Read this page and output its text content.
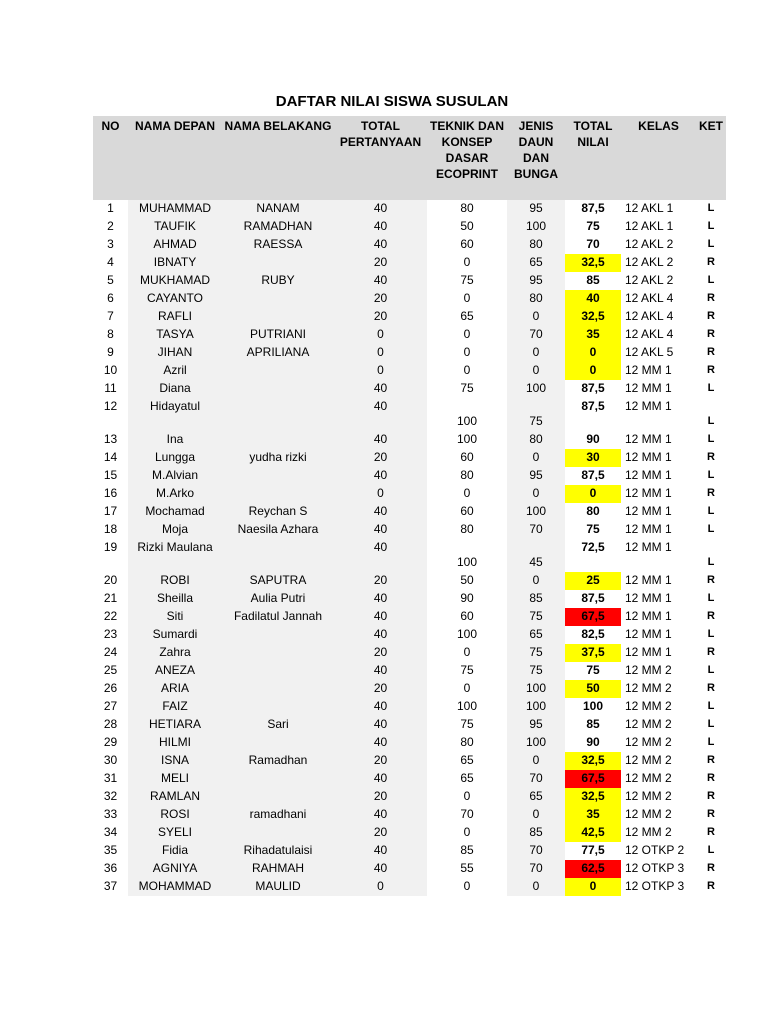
DAFTAR NILAI SISWA SUSULAN
NO	NAMA DEPAN	NAMA BELAKANG	TOTAL PERTANYAAN	TEKNIK DAN KONSEP DASAR ECOPRINT	JENIS DAUN DAN BUNGA	TOTAL NILAI	KELAS	KET
1	MUHAMMAD	NANAM	40	80	95	87,5	12 AKL 1	L
2	TAUFIK	RAMADHAN	40	50	100	75	12 AKL 1	L
3	AHMAD	RAESSA	40	60	80	70	12 AKL 2	L
4	IBNATY		20	0	65	32,5	12 AKL 2	R
5	MUKHAMAD	RUBY	40	75	95	85	12 AKL 2	L
6	CAYANTO		20	0	80	40	12 AKL 4	R
7	RAFLI		20	65	0	32,5	12 AKL 4	R
8	TASYA	PUTRIANI	0	0	70	35	12 AKL 4	R
9	JIHAN	APRILIANA	0	0	0	0	12 AKL 5	R
10	Azril		0	0	0	0	12 MM 1	R
11	Diana		40	75	100	87,5	12 MM 1	L
12	Hidayatul		40	100	75	87,5	12 MM 1	L
13	Ina		40	100	80	90	12 MM 1	L
14	Lungga	yudha rizki	20	60	0	30	12 MM 1	R
15	M.Alvian		40	80	95	87,5	12 MM 1	L
16	M.Arko		0	0	0	0	12 MM 1	R
17	Mochamad	Reychan S	40	60	100	80	12 MM 1	L
18	Moja	Naesila Azhara	40	80	70	75	12 MM 1	L
19	Rizki Maulana		40	100	45	72,5	12 MM 1	L
20	ROBI	SAPUTRA	20	50	0	25	12 MM 1	R
21	Sheilla	Aulia Putri	40	90	85	87,5	12 MM 1	L
22	Siti	Fadilatul Jannah	40	60	75	67,5	12 MM 1	R
23	Sumardi		40	100	65	82,5	12 MM 1	L
24	Zahra		20	0	75	37,5	12 MM 1	R
25	ANEZA		40	75	75	75	12 MM 2	L
26	ARIA		20	0	100	50	12 MM 2	R
27	FAIZ		40	100	100	100	12 MM 2	L
28	HETIARA	Sari	40	75	95	85	12 MM 2	L
29	HILMI		40	80	100	90	12 MM 2	L
30	ISNA	Ramadhan	20	65	0	32,5	12 MM 2	R
31	MELI		40	65	70	67,5	12 MM 2	R
32	RAMLAN		20	0	65	32,5	12 MM 2	R
33	ROSI	ramadhani	40	70	0	35	12 MM 2	R
34	SYELI		20	0	85	42,5	12 MM 2	R
35	Fidia	Rihadatulaisi	40	85	70	77,5	12 OTKP 2	L
36	AGNIYA	RAHMAH	40	55	70	62,5	12 OTKP 3	R
37	MOHAMMAD	MAULID	0	0	0	0	12 OTKP 3	R
